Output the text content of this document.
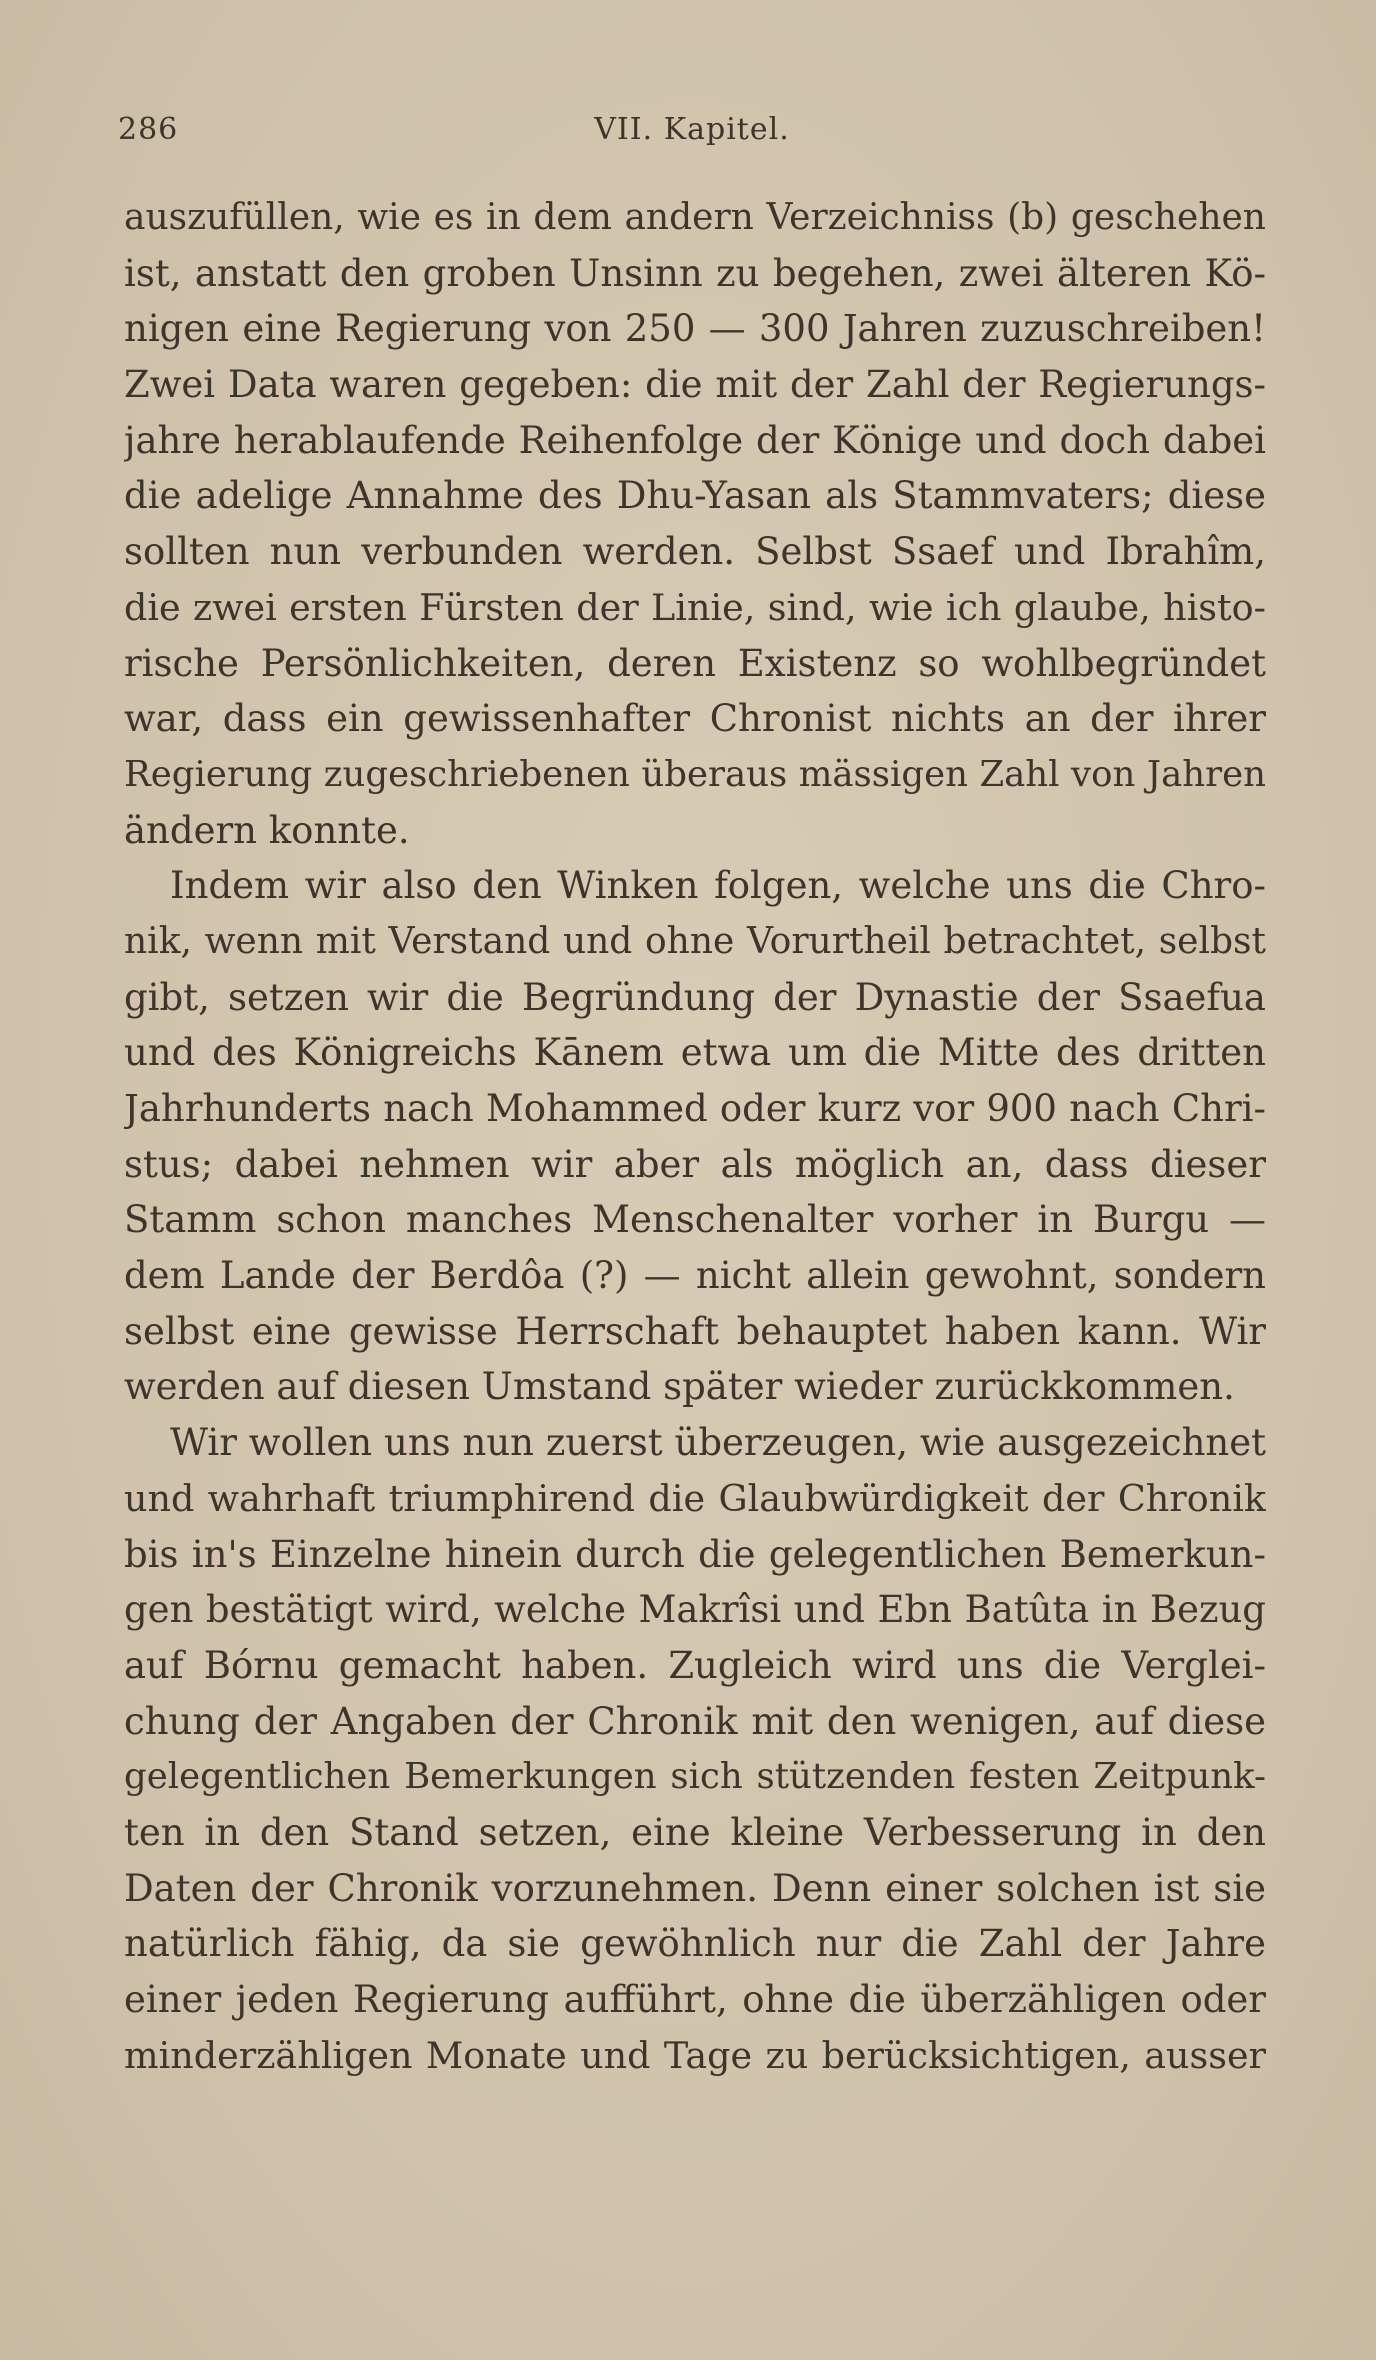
286	VII. Kapitel.
auszufüllen, wie es in dem andern Verzeichniss (b) geschehen
ist, anstatt den groben Unsinn zu begehen, zwei älteren Kö-
nigen eine Regierung von 250 — 300 Jahren zuzuschreiben!
Zwei Data waren gegeben: die mit der Zahl der Regierungs-
jahre herablaufende Reihenfolge der Könige und doch dabei
die adelige Annahme des Dhu-Yasan als Stammvaters; diese
sollten nun verbunden werden. Selbst Ssaef und Ibrahîm,
die zwei ersten Fürsten der Linie, sind, wie ich glaube, histo-
rische Persönlichkeiten, deren Existenz so wohlbegründet
war, dass ein gewissenhafter Chronist nichts an der ihrer
Regierung zugeschriebenen überaus mässigen Zahl von Jahren
ändern konnte.
Indem wir also den Winken folgen, welche uns die Chro-
nik, wenn mit Verstand und ohne Vorurtheil betrachtet, selbst
gibt, setzen wir die Begründung der Dynastie der Ssaefua
und des Königreichs Kānem etwa um die Mitte des dritten
Jahrhunderts nach Mohammed oder kurz vor 900 nach Chri-
stus; dabei nehmen wir aber als möglich an, dass dieser
Stamm schon manches Menschenalter vorher in Burgu —
dem Lande der Berdôa (?) — nicht allein gewohnt, sondern
selbst eine gewisse Herrschaft behauptet haben kann. Wir
werden auf diesen Umstand später wieder zurückkommen.
Wir wollen uns nun zuerst überzeugen, wie ausgezeichnet
und wahrhaft triumphirend die Glaubwürdigkeit der Chronik
bis in's Einzelne hinein durch die gelegentlichen Bemerkun-
gen bestätigt wird, welche Makrîsi und Ebn Batûta in Bezug
auf Bórnu gemacht haben. Zugleich wird uns die Verglei-
chung der Angaben der Chronik mit den wenigen, auf diese
gelegentlichen Bemerkungen sich stützenden festen Zeitpunk-
ten in den Stand setzen, eine kleine Verbesserung in den
Daten der Chronik vorzunehmen. Denn einer solchen ist sie
natürlich fähig, da sie gewöhnlich nur die Zahl der Jahre
einer jeden Regierung aufführt, ohne die überzähligen oder
minderzähligen Monate und Tage zu berücksichtigen, ausser
